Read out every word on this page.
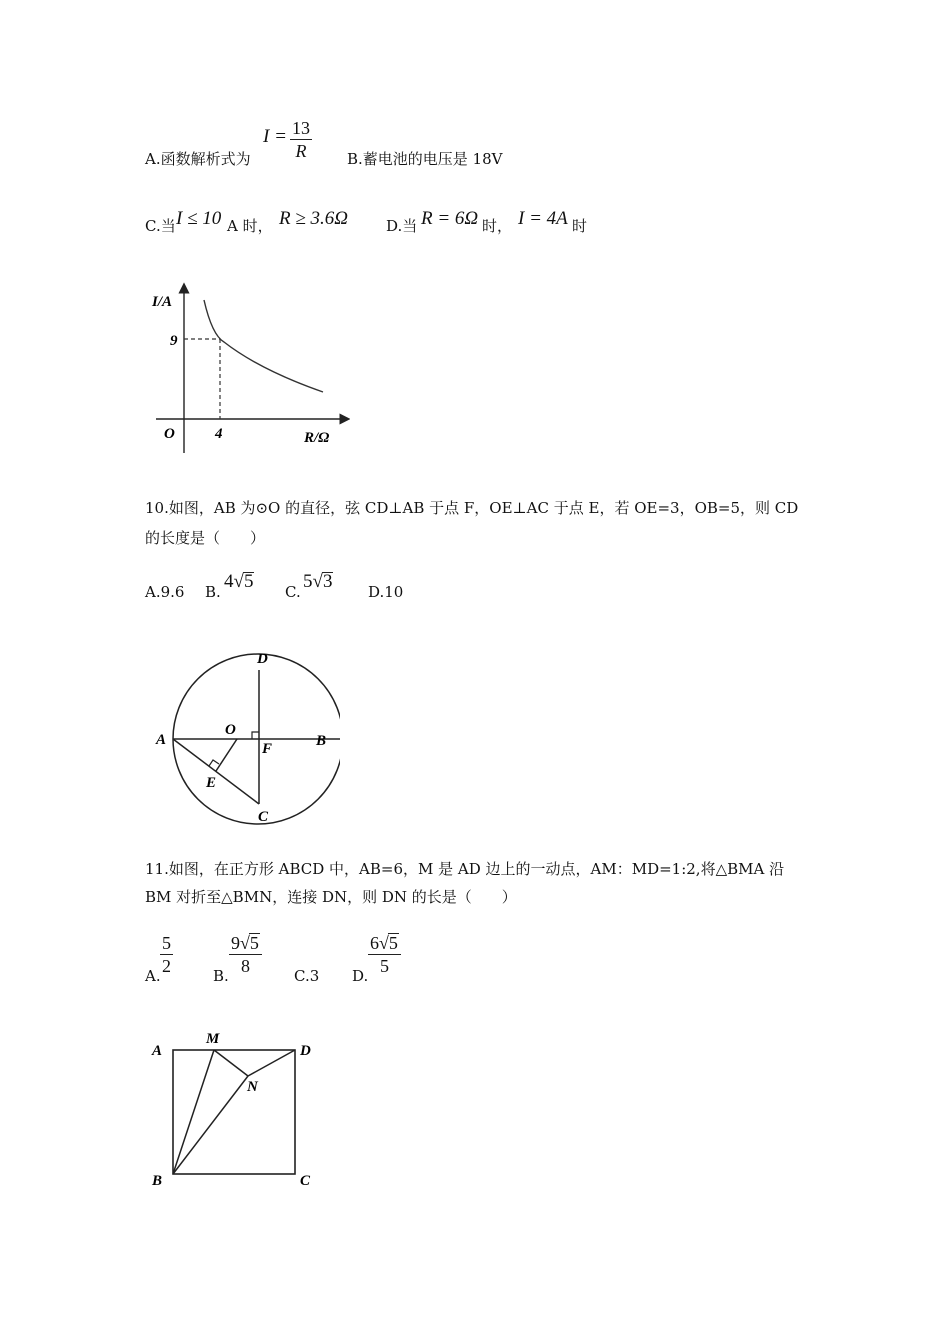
A.函数解析式为
I = 13
R	B.蓄电池的电压是 18V
C.当 I ≤ 10 A 时， R ≥ 3.6Ω	D.当 R = 6Ω 时， I = 4A 时
I/A
R/Ω
O
9
4
10.如图，AB 为⊙O 的直径，弦 CD⊥AB 于点 F，OE⊥AC 于点 E，若 OE=3，OB=5，则 CD
的长度是（　　）
A.9.6 B. 4√5 C. 5√3 D.10
A	B
C
D
O
E
F
11.如图，在正方形 ABCD 中，AB=6，M 是 AD 边上的一动点，AM：MD=1:2,将△BMA 沿
BM 对折至△BMN，连接 DN，则 DN 的长是（　　）
A.
5
2	B.
9√5
8	C.3 D.
6√5
5
A
M
D
N
B	C
